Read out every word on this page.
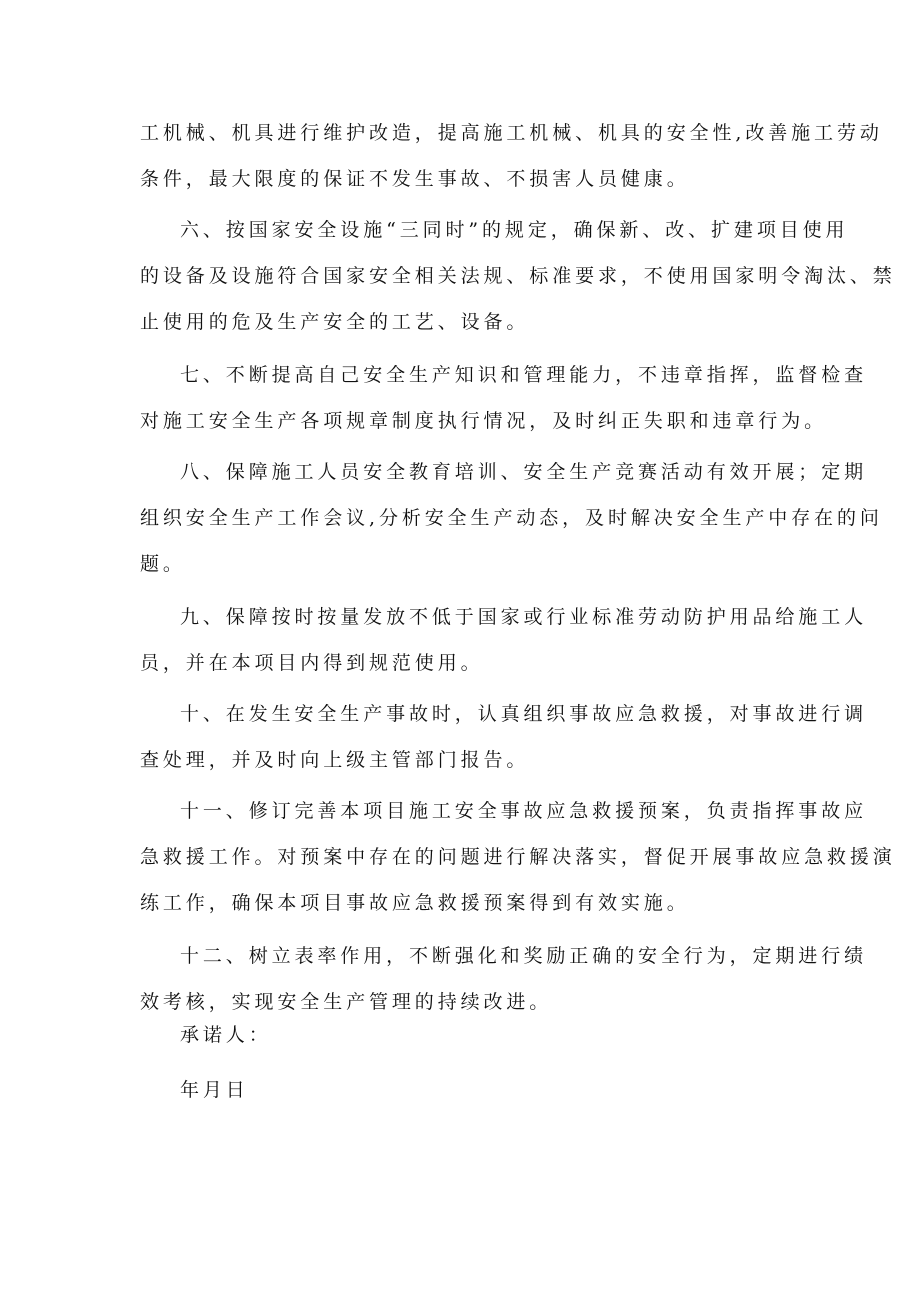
工机械、机具进行维护改造，提高施工机械、机具的安全性,改善施工劳动
条件，最大限度的保证不发生事故、不损害人员健康。
六、按国家安全设施“三同时”的规定，确保新、改、扩建项目使用
的设备及设施符合国家安全相关法规、标准要求，不使用国家明令淘汰、禁
止使用的危及生产安全的工艺、设备。
七、不断提高自己安全生产知识和管理能力，不违章指挥，监督检查
对施工安全生产各项规章制度执行情况，及时纠正失职和违章行为。
八、保障施工人员安全教育培训、安全生产竞赛活动有效开展；定期
组织安全生产工作会议,分析安全生产动态，及时解决安全生产中存在的问
题。
九、保障按时按量发放不低于国家或行业标准劳动防护用品给施工人
员，并在本项目内得到规范使用。
十、在发生安全生产事故时，认真组织事故应急救援，对事故进行调
查处理，并及时向上级主管部门报告。
十一、修订完善本项目施工安全事故应急救援预案，负责指挥事故应
急救援工作。对预案中存在的问题进行解决落实，督促开展事故应急救援演
练工作，确保本项目事故应急救援预案得到有效实施。
十二、树立表率作用，不断强化和奖励正确的安全行为，定期进行绩
效考核，实现安全生产管理的持续改进。
承诺人：
年月日
